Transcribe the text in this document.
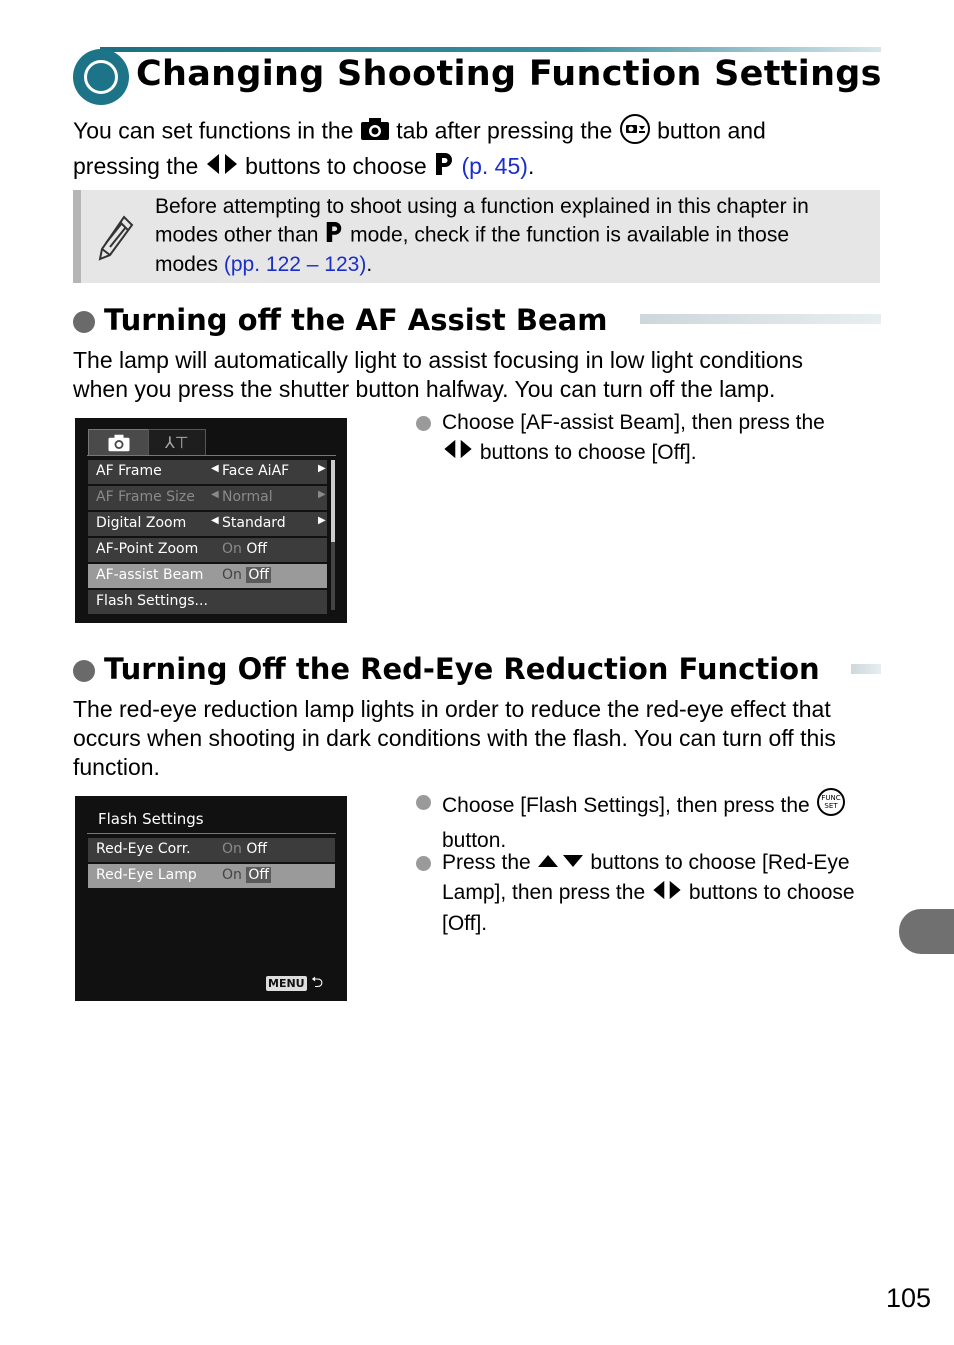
Changing Shooting Function Settings
You can set functions in the tab after pressing the button and
pressing the buttons to choose (p. 45).
Before attempting to shoot using a function explained in this chapter in
modes other than mode, check if the function is available in those
modes (pp. 122 – 123).
Turning off the AF Assist Beam
The lamp will automatically light to assist focusing in low light conditions
when you press the shutter button halfway. You can turn off the lamp.
⅄⊤
AF Frame	◀ Face AiAF	▶
AF Frame Size ◀ Normal	▶
Digital Zoom ◀ Standard	▶
AF-Point Zoom On Off
AF-assist Beam On Off
Flash Settings...
Choose [AF-assist Beam], then press the
buttons to choose [Off].
Turning Off the Red-Eye Reduction Function
The red-eye reduction lamp lights in order to reduce the red-eye effect that
occurs when shooting in dark conditions with the flash. You can turn off this
function.
Flash Settings
Red-Eye Corr. On Off
Red-Eye Lamp On Off
MENU ⮌
Choose [Flash Settings], then press the FUNC
SET
button.
Press the	buttons to choose [Red-Eye
Lamp], then press the buttons to choose
[Off].
105
